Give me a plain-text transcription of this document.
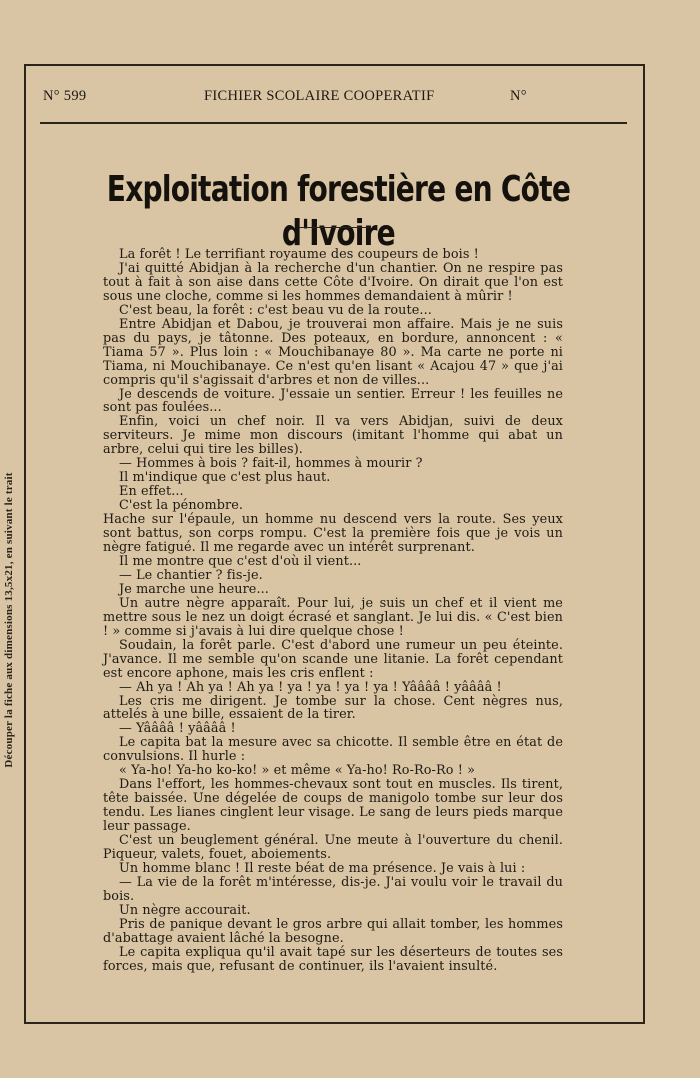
Découper la fiche aux dimensions 13,5x21, en suivant le trait
N° 599	FICHIER SCOLAIRE COOPERATIF	N°
Exploitation forestière en Côte d'Ivoire

La forêt ! Le terrifiant royaume des coupeurs de bois !

J'ai quitté Abidjan à la recherche d'un chantier. On ne respire pas tout à fait à son aise dans cette Côte d'Ivoire. On dirait que l'on est sous une cloche, comme si les hommes demandaient à mûrir !

C'est beau, la forêt : c'est beau vu de la route...

Entre Abidjan et Dabou, je trouverai mon affaire. Mais je ne suis pas du pays, je tâtonne. Des poteaux, en bordure, annoncent : « Tiama 57 ». Plus loin : « Mouchibanaye 80 ». Ma carte ne porte ni Tiama, ni Mouchibanaye. Ce n'est qu'en lisant « Acajou 47 » que j'ai compris qu'il s'agissait d'arbres et non de villes...

Je descends de voiture. J'essaie un sentier. Erreur ! les feuilles ne sont pas foulées...

Enfin, voici un chef noir. Il va vers Abidjan, suivi de deux serviteurs. Je mime mon discours (imitant l'homme qui abat un arbre, celui qui tire les billes).

— Hommes à bois ? fait-il, hommes à mourir ?

Il m'indique que c'est plus haut.

En effet...

C'est la pénombre.

Hache sur l'épaule, un homme nu descend vers la route. Ses yeux sont battus, son corps rompu. C'est la première fois que je vois un nègre fatigué. Il me regarde avec un intérêt surprenant.

Il me montre que c'est d'où il vient...

— Le chantier ? fis-je.

Je marche une heure...

Un autre nègre apparaît. Pour lui, je suis un chef et il vient me mettre sous le nez un doigt écrasé et sanglant. Je lui dis. « C'est bien ! » comme si j'avais à lui dire quelque chose !

Soudain, la forêt parle. C'est d'abord une rumeur un peu éteinte. J'avance. Il me semble qu'on scande une litanie. La forêt cependant est encore aphone, mais les cris enflent :

— Ah ya ! Ah ya ! Ah ya ! ya ! ya ! ya ! ya ! Yââââ ! yââââ !

Les cris me dirigent. Je tombe sur la chose. Cent nègres nus, attelés à une bille, essaient de la tirer.

— Yââââ ! yââââ !

Le capita bat la mesure avec sa chicotte. Il semble être en état de convulsions. Il hurle :

« Ya-ho! Ya-ho ko-ko! » et même « Ya-ho! Ro-Ro-Ro ! »

Dans l'effort, les hommes-chevaux sont tout en muscles. Ils tirent, tête baissée. Une dégelée de coups de manigolo tombe sur leur dos tendu. Les lianes cinglent leur visage. Le sang de leurs pieds marque leur passage.

C'est un beuglement général. Une meute à l'ouverture du chenil. Piqueur, valets, fouet, aboiements.

Un homme blanc ! Il reste béat de ma présence. Je vais à lui :

— La vie de la forêt m'intéresse, dis-je. J'ai voulu voir le travail du bois.

Un nègre accourait.

Pris de panique devant le gros arbre qui allait tomber, les hommes d'abattage avaient lâché la besogne.

Le capita expliqua qu'il avait tapé sur les déserteurs de toutes ses forces, mais que, refusant de continuer, ils l'avaient insulté.
